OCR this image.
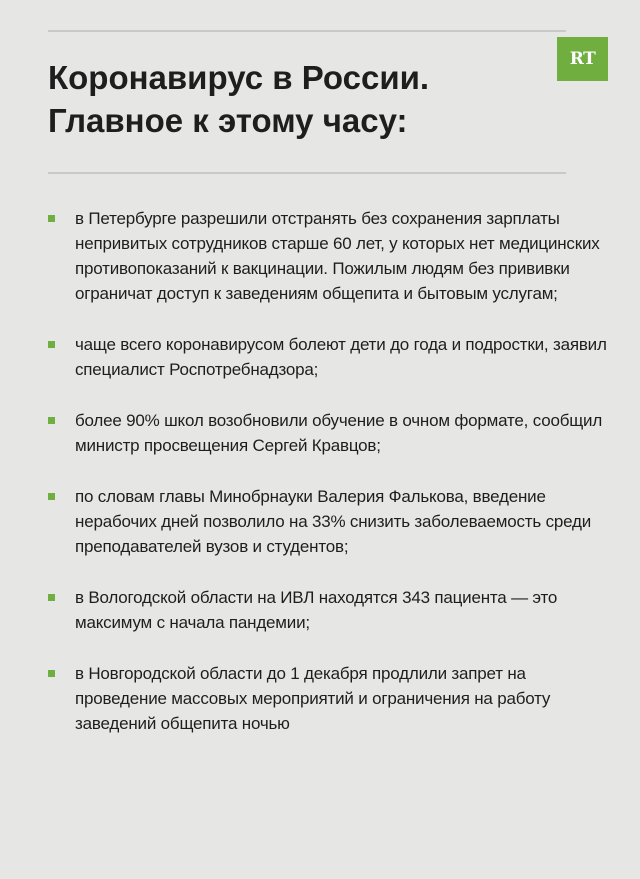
RT
Коронавирус в России.
Главное к этому часу:
в Петербурге разрешили отстранять без сохранения зарплаты непривитых сотрудников старше 60 лет, у которых нет медицинских противопоказаний к вакцинации. Пожилым людям без прививки ограничат доступ к заведениям общепита и бытовым услугам;
чаще всего коронавирусом болеют дети до года и подростки, заявил специалист Роспотребнадзора;
более 90% школ возобновили обучение в очном формате, сообщил министр просвещения Сергей Кравцов;
по словам главы Минобрнауки Валерия Фалькова, введение нерабочих дней позволило на 33% снизить заболеваемость среди преподавателей вузов и студентов;
в Вологодской области на ИВЛ находятся 343 пациента — это максимум с начала пандемии;
в Новгородской области до 1 декабря продлили запрет на проведение массовых мероприятий и ограничения на работу заведений общепита ночью
